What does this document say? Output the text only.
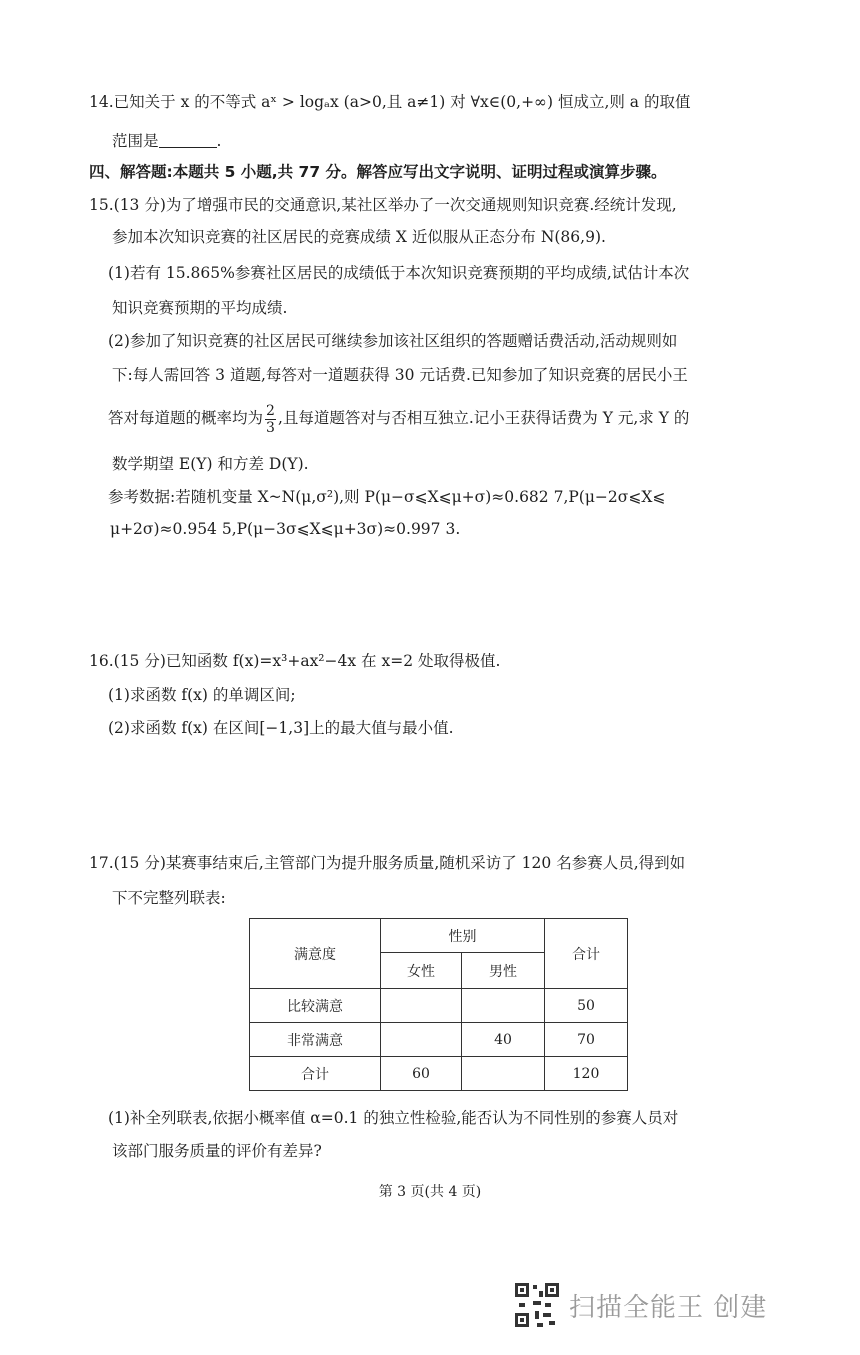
14.已知关于 x 的不等式 aˣ > logₐx (a>0,且 a≠1) 对 ∀x∈(0,+∞) 恒成立,则 a 的取值
范围是	.
四、解答题:本题共 5 小题,共 77 分。解答应写出文字说明、证明过程或演算步骤。
15.(13 分)为了增强市民的交通意识,某社区举办了一次交通规则知识竞赛.经统计发现,
参加本次知识竞赛的社区居民的竞赛成绩 X 近似服从正态分布 N(86,9).
(1)若有 15.865%参赛社区居民的成绩低于本次知识竞赛预期的平均成绩,试估计本次
知识竞赛预期的平均成绩.
(2)参加了知识竞赛的社区居民可继续参加该社区组织的答题赠话费活动,活动规则如
下:每人需回答 3 道题,每答对一道题获得 30 元话费.已知参加了知识竞赛的居民小王
答对每道题的概率均为 $\frac{2}{3}$ ,且每道题答对与否相互独立.记小王获得话费为 Y 元,求 Y 的
数学期望 E(Y) 和方差 D(Y).
参考数据:若随机变量 X~N(μ,σ²),则 P(μ−σ⩽X⩽μ+σ)≈0.682 7,P(μ−2σ⩽X⩽
μ+2σ)≈0.954 5,P(μ−3σ⩽X⩽μ+3σ)≈0.997 3.
16.(15 分)已知函数 f(x)=x³+ax²−4x 在 x=2 处取得极值.
(1)求函数 f(x) 的单调区间;
(2)求函数 f(x) 在区间[−1,3]上的最大值与最小值.
17.(15 分)某赛事结束后,主管部门为提升服务质量,随机采访了 120 名参赛人员,得到如
下不完整列联表:
满意度	性别		合计
	女性	男性	
比较满意			50
非常满意		40	70
合计	60		120
(1)补全列联表,依据小概率值 α=0.1 的独立性检验,能否认为不同性别的参赛人员对
该部门服务质量的评价有差异?
第 3 页(共 4 页)
扫描全能王 创建
